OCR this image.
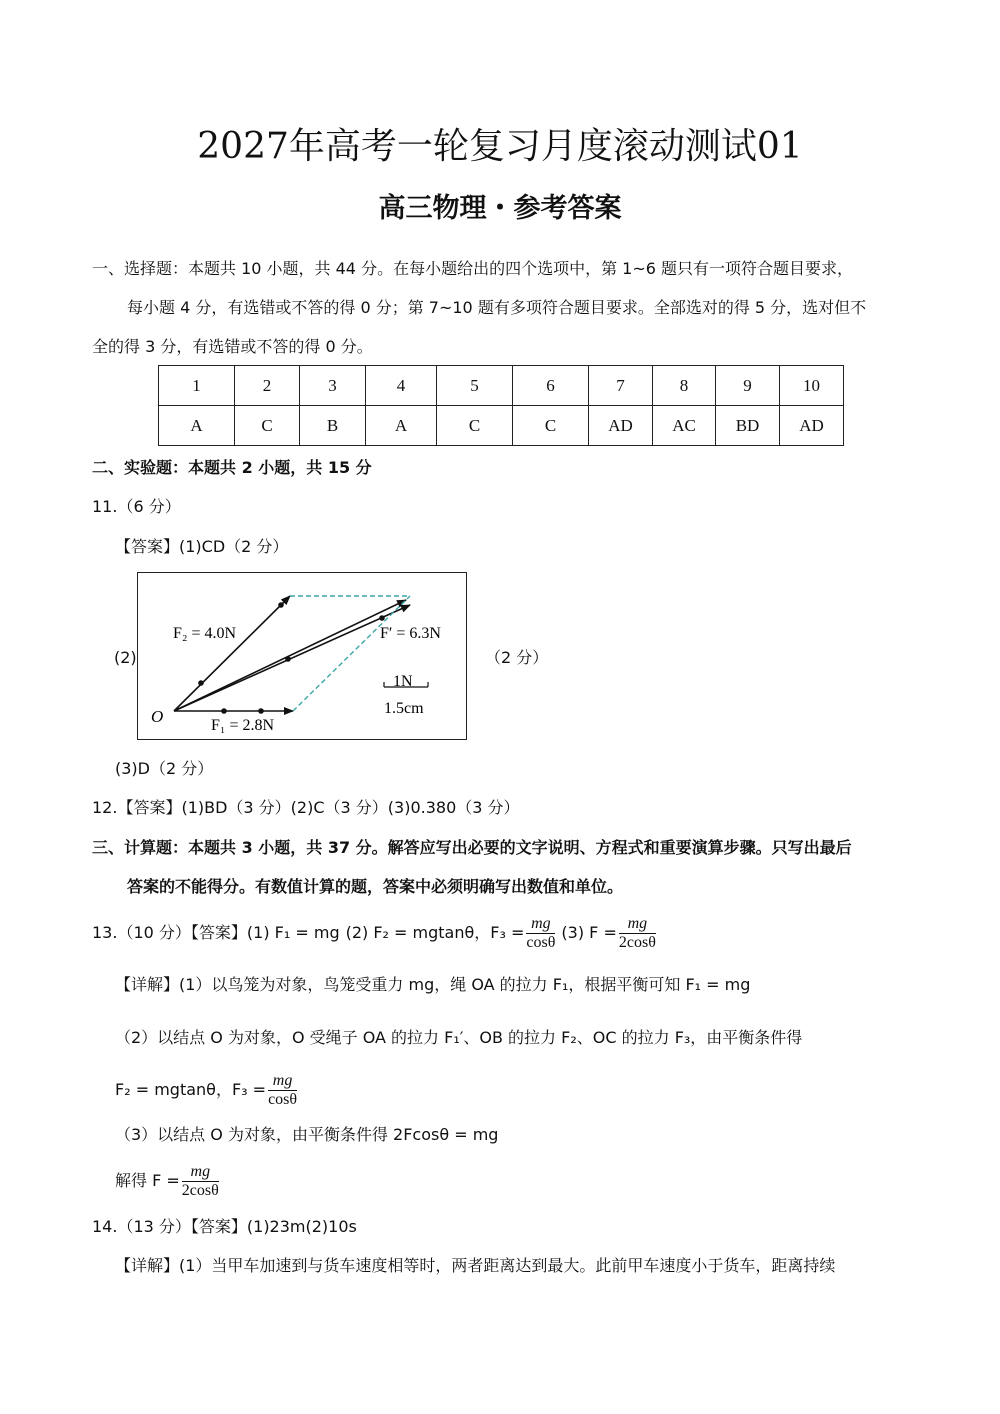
2027年高考一轮复习月度滚动测试01
高三物理・参考答案
一、选择题：本题共 10 小题，共 44 分。在每小题给出的四个选项中，第 1~6 题只有一项符合题目要求，
每小题 4 分，有选错或不答的得 0 分；第 7~10 题有多项符合题目要求。全部选对的得 5 分，选对但不
全的得 3 分，有选错或不答的得 0 分。
1	2	3	4	5	6	7	8	9	10
A	C	B	A	C	C	AD	AC	BD	AD
二、实验题：本题共 2 小题，共 15 分
11.（6 分）
【答案】(1)CD（2 分）
(2)
F₂ = 4.0N	F′ = 6.3N
F₁ = 2.8N
O
1N
1.5cm
（2 分）
(3)D（2 分）
12.【答案】(1)BD（3 分）(2)C（3 分）(3)0.380（3 分）
三、计算题：本题共 3 小题，共 37 分。解答应写出必要的文字说明、方程式和重要演算步骤。只写出最后
答案的不能得分。有数值计算的题，答案中必须明确写出数值和单位。
13.（10 分）【答案】 (1) F₁ = mg (2) F₂ = mgtanθ，$F_3 = \frac{mg}{\cos\theta} (3) F = \frac{mg}{2\cos\theta}$
【详解】(1）以鸟笼为对象，鸟笼受重力 mg，绳 OA 的拉力 F₁，根据平衡可知 F₁ = mg
（2）以结点 O 为对象，O 受绳子 OA 的拉力 F₁′、OB 的拉力 F₂、OC 的拉力 F₃，由平衡条件得
F₂ = mgtanθ，$F_3 = \frac{mg}{\cos\theta}$
（3）以结点 O 为对象，由平衡条件得 2Fcosθ = mg
解得 $F = \frac{mg}{2\cos\theta}$
14.（13 分）【答案】(1)23m(2)10s
【详解】(1）当甲车加速到与货车速度相等时，两者距离达到最大。此前甲车速度小于货车，距离持续
